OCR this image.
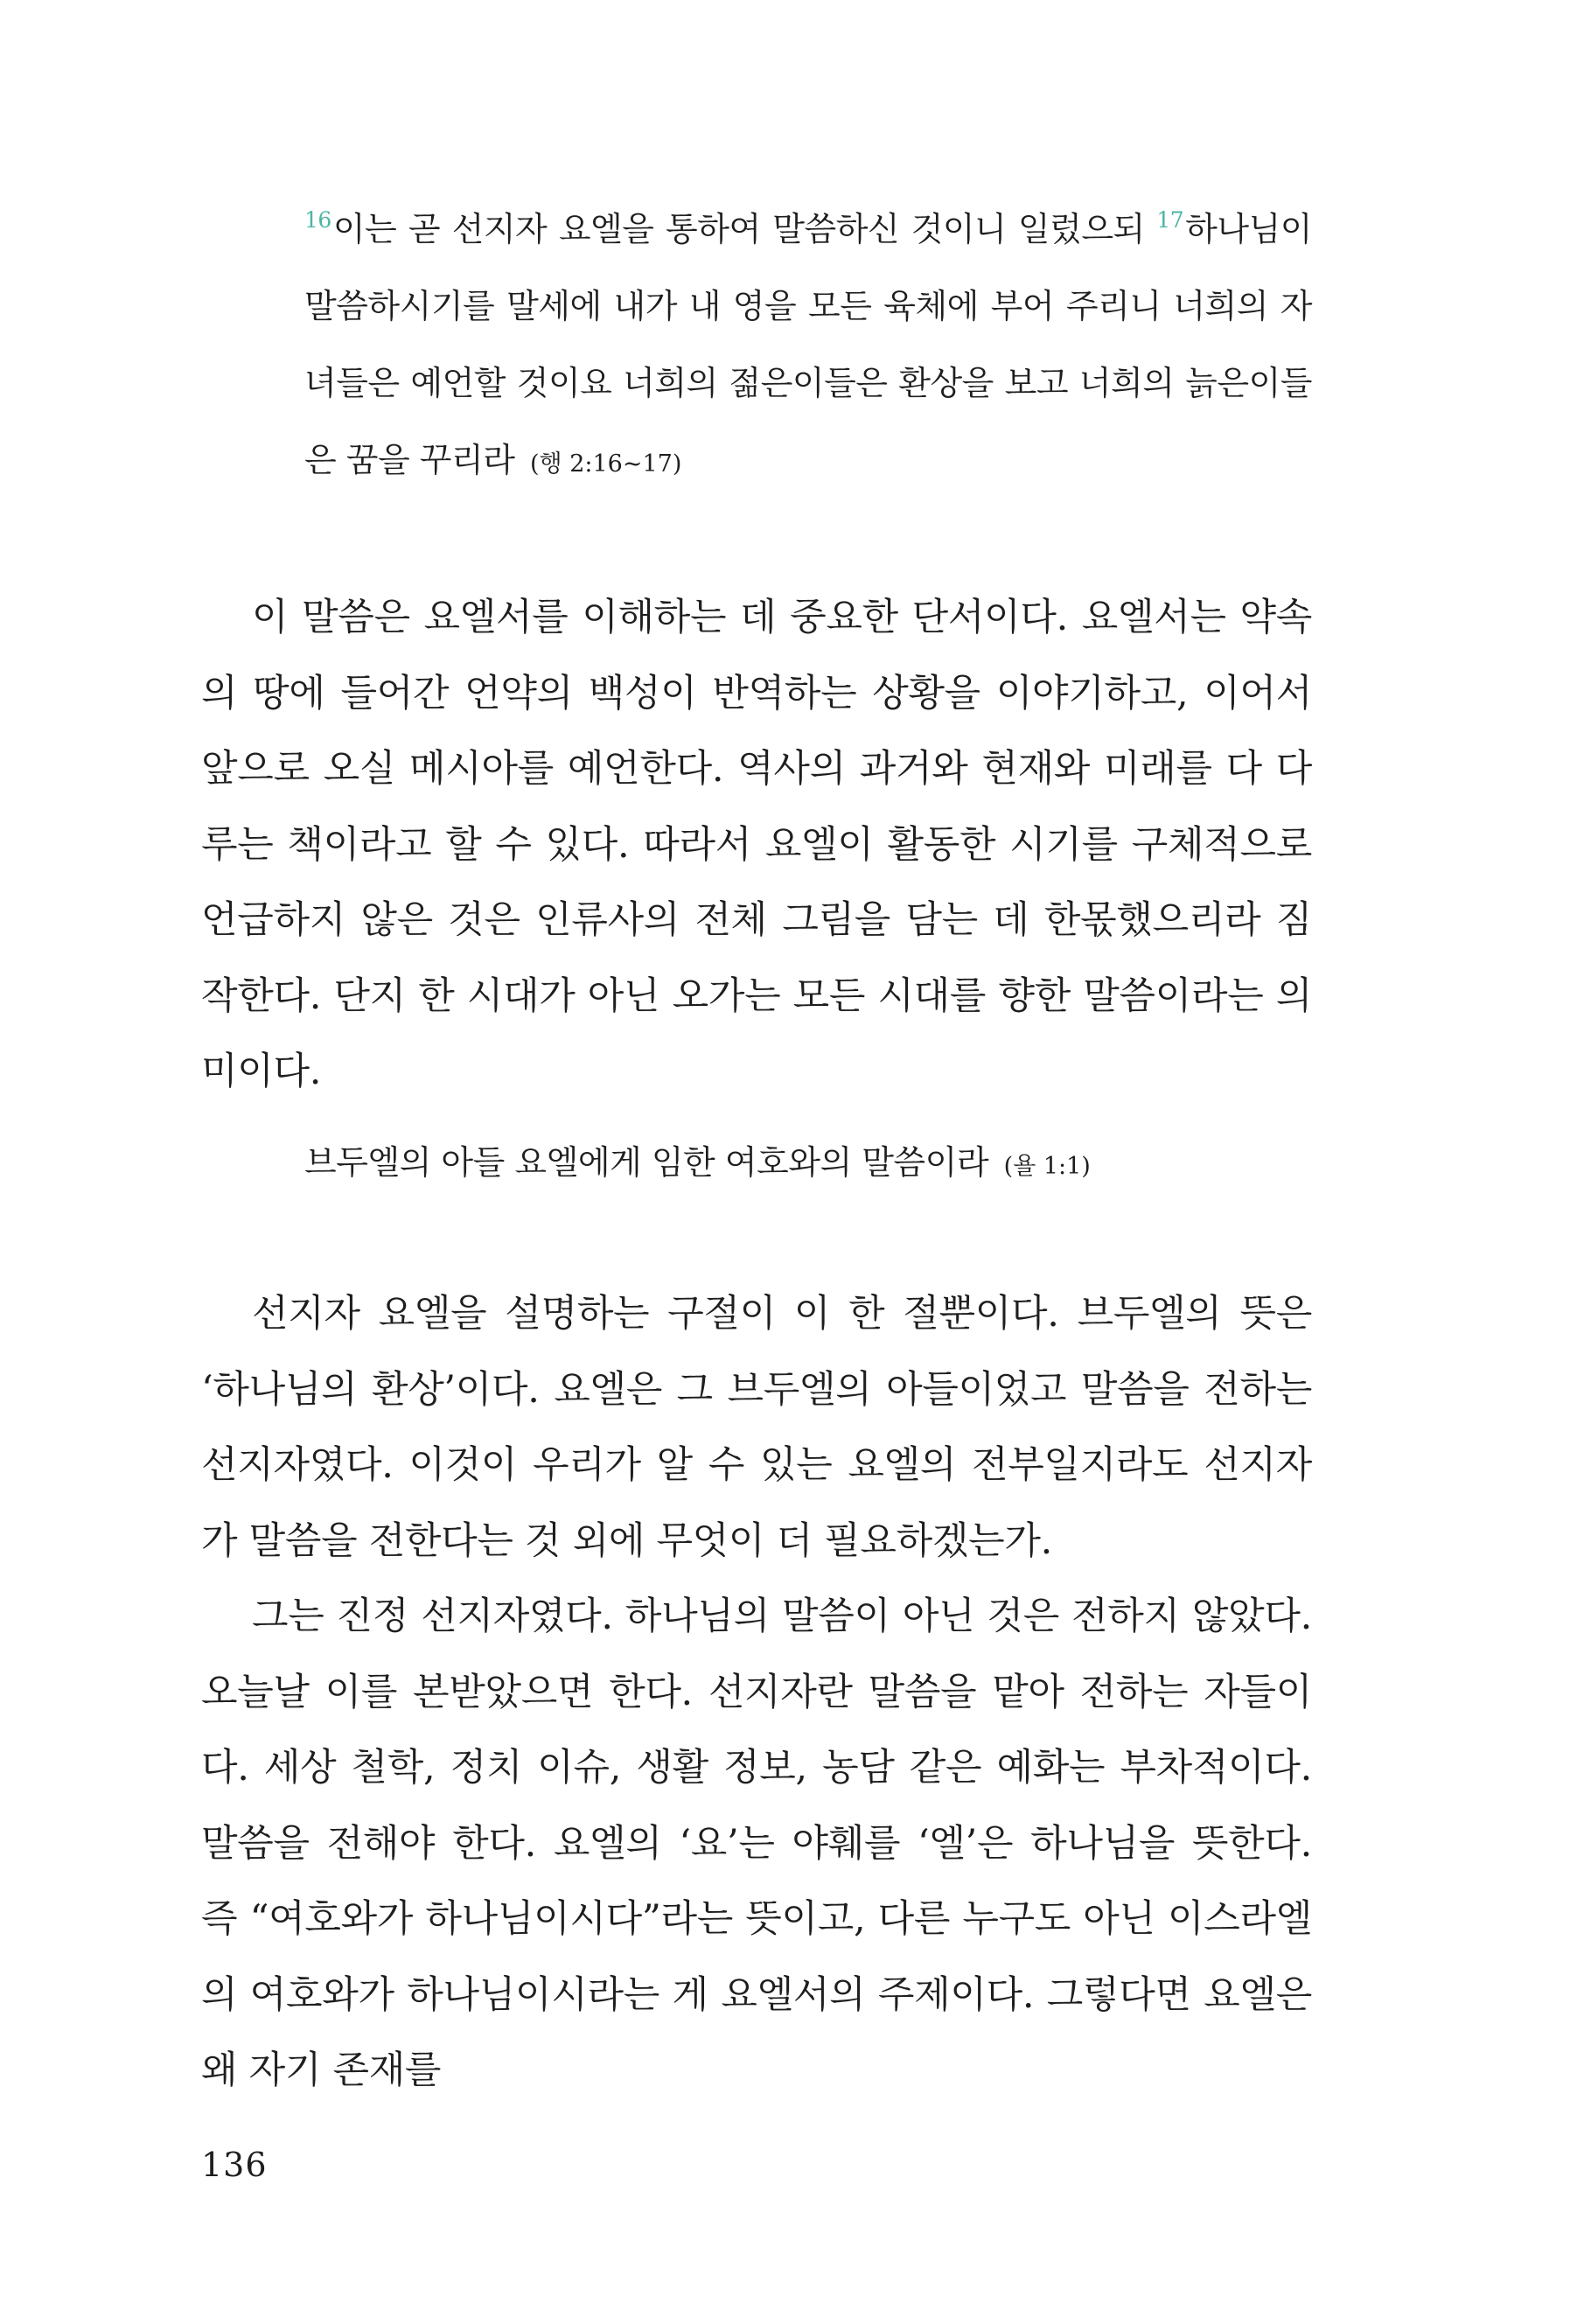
$^{16}$이는 곧 선지자 요엘을 통하여 말씀하신 것이니 일렀으되 $^{17}$하나님이 말씀하시기를 말세에 내가 내 영을 모든 육체에 부어 주리니 너희의 자녀들은 예언할 것이요 너희의 젊은이들은 환상을 보고 너희의 늙은이들은 꿈을 꾸리라 (행 2:16~17)

이 말씀은 요엘서를 이해하는 데 중요한 단서이다. 요엘서는 약속의 땅에 들어간 언약의 백성이 반역하는 상황을 이야기하고, 이어서 앞으로 오실 메시아를 예언한다. 역사의 과거와 현재와 미래를 다 다루는 책이라고 할 수 있다. 따라서 요엘이 활동한 시기를 구체적으로 언급하지 않은 것은 인류사의 전체 그림을 담는 데 한몫했으리라 짐작한다. 단지 한 시대가 아닌 오가는 모든 시대를 향한 말씀이라는 의미이다.

브두엘의 아들 요엘에게 임한 여호와의 말씀이라 (욜 1:1)

선지자 요엘을 설명하는 구절이 이 한 절뿐이다. 브두엘의 뜻은 ‘하나님의 환상’이다. 요엘은 그 브두엘의 아들이었고 말씀을 전하는 선지자였다. 이것이 우리가 알 수 있는 요엘의 전부일지라도 선지자가 말씀을 전한다는 것 외에 무엇이 더 필요하겠는가.

그는 진정 선지자였다. 하나님의 말씀이 아닌 것은 전하지 않았다. 오늘날 이를 본받았으면 한다. 선지자란 말씀을 맡아 전하는 자들이다. 세상 철학, 정치 이슈, 생활 정보, 농담 같은 예화는 부차적이다. 말씀을 전해야 한다. 요엘의 ‘요’는 야훼를 ‘엘’은 하나님을 뜻한다. 즉 “여호와가 하나님이시다”라는 뜻이고, 다른 누구도 아닌 이스라엘의 여호와가 하나님이시라는 게 요엘서의 주제이다. 그렇다면 요엘은 왜 자기 존재를

136
